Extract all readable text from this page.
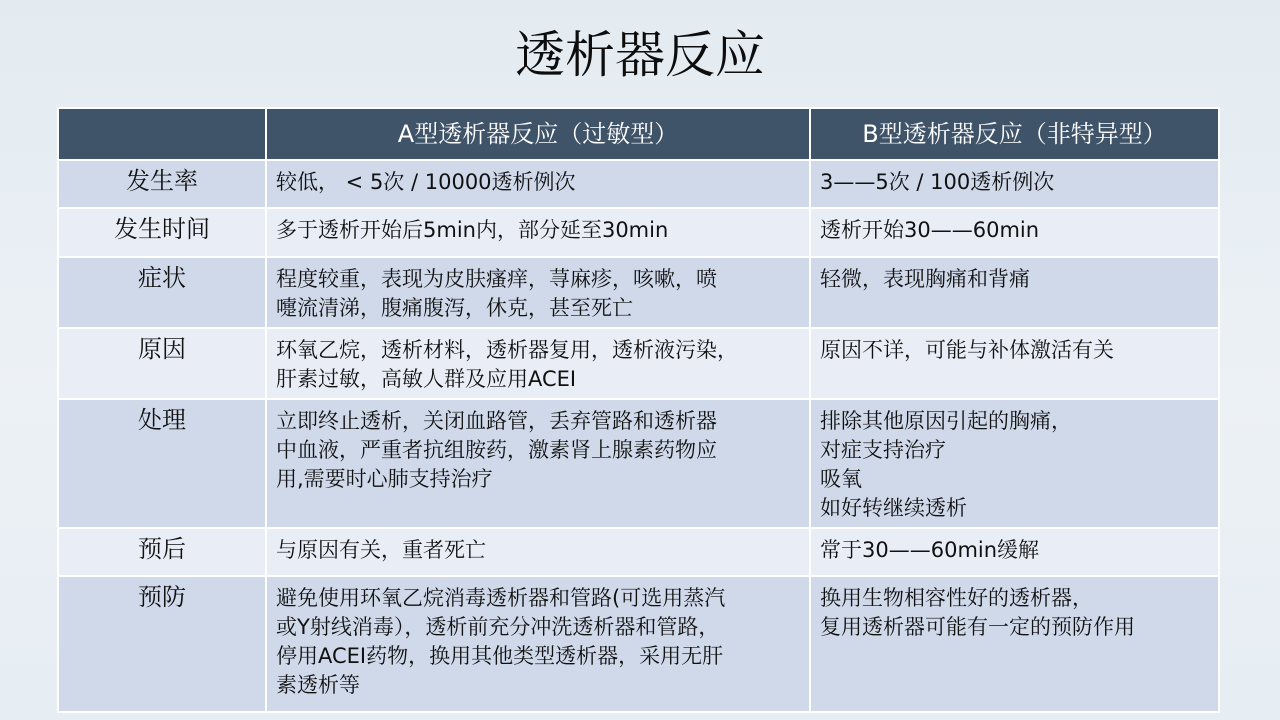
透析器反应
	A型透析器反应（过敏型）	B型透析器反应（非特异型）
发生率	较低， < 5次 / 10000透析例次	3——5次 / 100透析例次

发生时间	多于透析开始后5min内，部分延至30min	透析开始30——60min

症状	程度较重，表现为皮肤瘙痒，荨麻疹，咳嗽，喷
嚏流清涕，腹痛腹泻，休克，甚至死亡	轻微，表现胸痛和背痛

原因	环氧乙烷，透析材料，透析器复用，透析液污染，
肝素过敏，高敏人群及应用ACEI	原因不详，可能与补体激活有关

处理	立即终止透析，关闭血路管，丢弃管路和透析器
中血液，严重者抗组胺药，激素肾上腺素药物应
用,需要时心肺支持治疗	排除其他原因引起的胸痛，
对症支持治疗
吸氧
如好转继续透析

预后	与原因有关，重者死亡	常于30——60min缓解

预防	避免使用环氧乙烷消毒透析器和管路(可选用蒸汽
或Y射线消毒），透析前充分冲洗透析器和管路，
停用ACEI药物，换用其他类型透析器，采用无肝
素透析等	换用生物相容性好的透析器，
复用透析器可能有一定的预防作用
